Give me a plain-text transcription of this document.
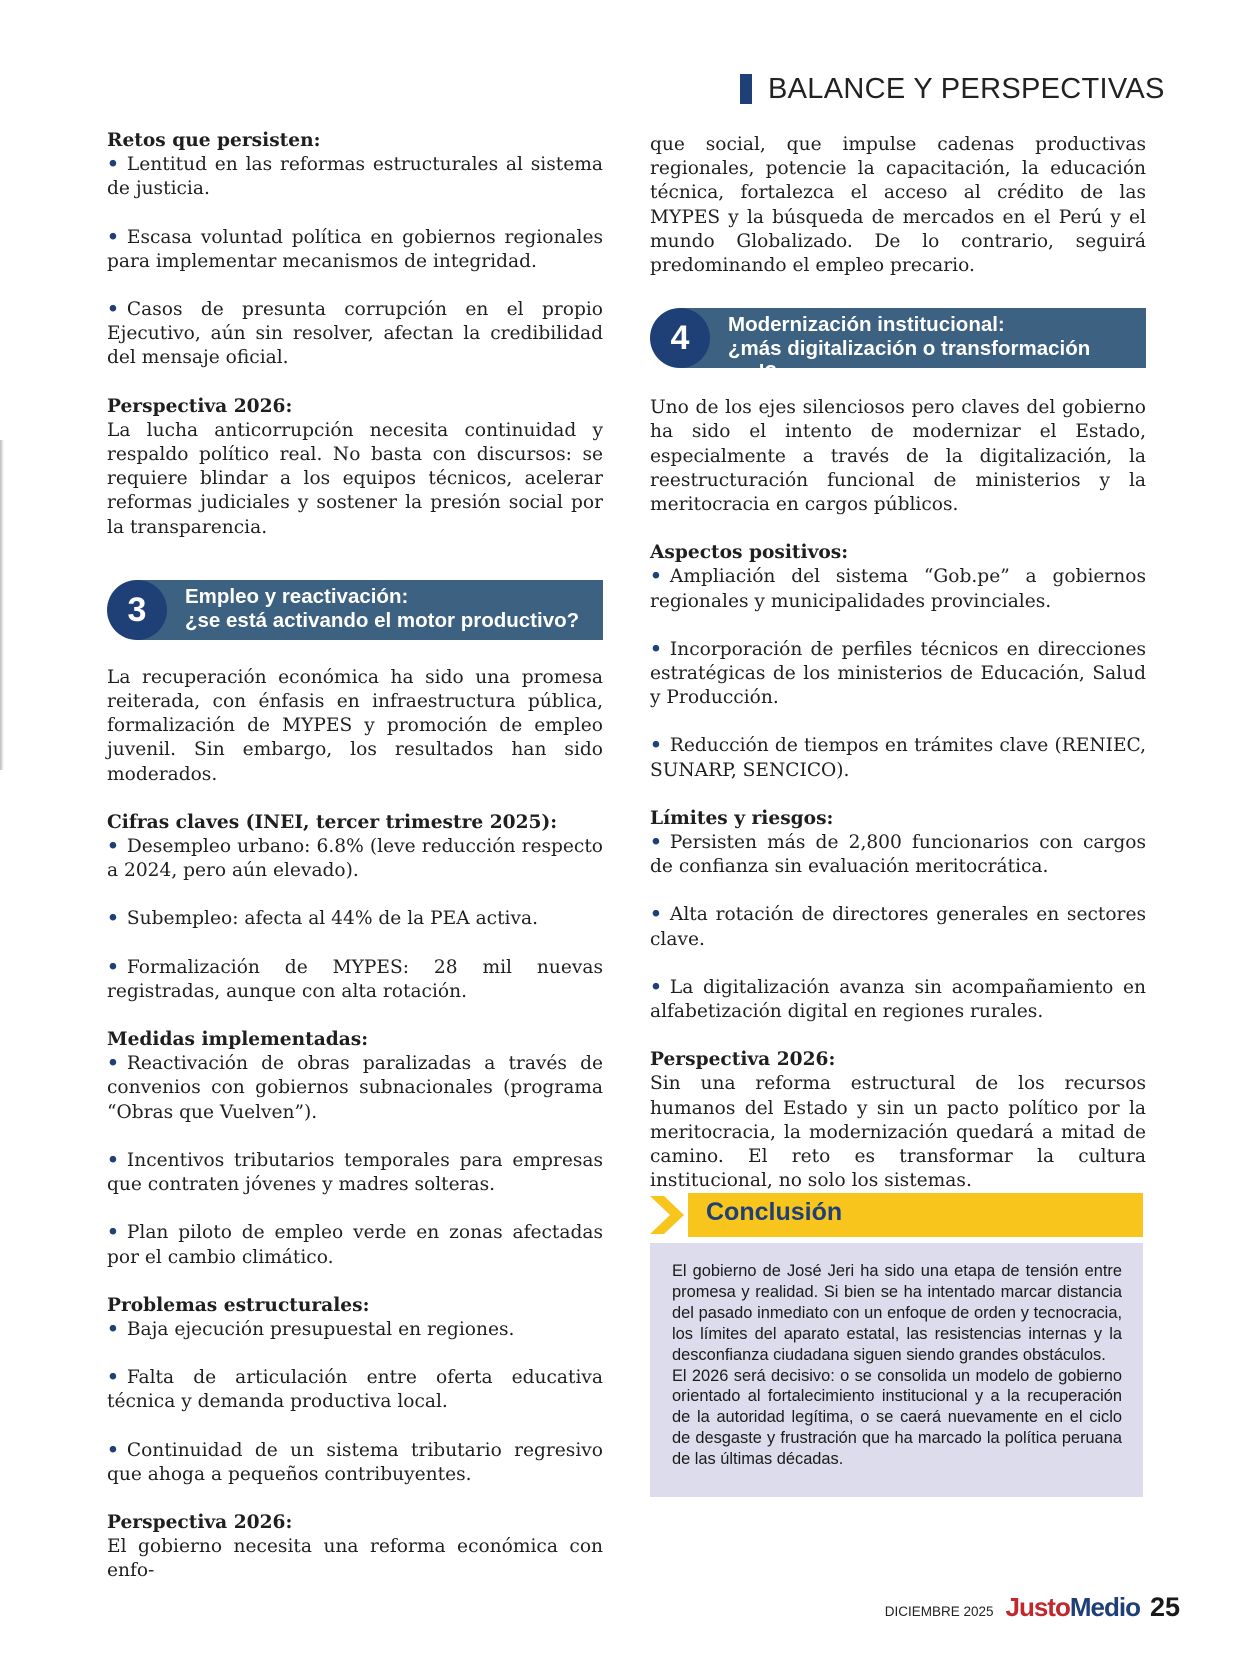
BALANCE Y PERSPECTIVAS

Retos que persisten:

• Lentitud en las reformas estructurales al sistema de justicia.

• Escasa voluntad política en gobiernos regionales para implementar mecanismos de integridad.

• Casos de presunta corrupción en el propio Ejecutivo, aún sin resolver, afectan la credibilidad del mensaje oficial.

Perspectiva 2026:

La lucha anticorrupción necesita continuidad y respaldo político real. No basta con discursos: se requiere blindar a los equipos técnicos, acelerar reformas judiciales y sostener la presión social por la transparencia.

3	Empleo y reactivación:
¿se está activando el motor productivo?

La recuperación económica ha sido una promesa reiterada, con énfasis en infraestructura pública, formalización de MYPES y promoción de empleo juvenil. Sin embargo, los resultados han sido moderados.

Cifras claves (INEI, tercer trimestre 2025):

• Desempleo urbano: 6.8% (leve reducción respecto a 2024, pero aún elevado).

• Subempleo: afecta al 44% de la PEA activa.

• Formalización de MYPES: 28 mil nuevas registradas, aunque con alta rotación.

Medidas implementadas:

• Reactivación de obras paralizadas a través de convenios con gobiernos subnacionales (programa “Obras que Vuelven”).

• Incentivos tributarios temporales para empresas que contraten jóvenes y madres solteras.

• Plan piloto de empleo verde en zonas afectadas por el cambio climático.

Problemas estructurales:

• Baja ejecución presupuestal en regiones.

• Falta de articulación entre oferta educativa técnica y demanda productiva local.

• Continuidad de un sistema tributario regresivo que ahoga a pequeños contribuyentes.

Perspectiva 2026:

El gobierno necesita una reforma económica con enfo-

que social, que impulse cadenas productivas regionales, potencie la capacitación, la educación técnica, fortalezca el acceso al crédito de las MYPES y la búsqueda de mercados en el Perú y el mundo Globalizado. De lo contrario, seguirá predominando el empleo precario.

4	Modernización institucional:
¿más digitalización o transformación real?

Uno de los ejes silenciosos pero claves del gobierno ha sido el intento de modernizar el Estado, especialmente a través de la digitalización, la reestructuración funcional de ministerios y la meritocracia en cargos públicos.

Aspectos positivos:

• Ampliación del sistema “Gob.pe” a gobiernos regionales y municipalidades provinciales.

• Incorporación de perfiles técnicos en direcciones estratégicas de los ministerios de Educación, Salud y Producción.

• Reducción de tiempos en trámites clave (RENIEC, SUNARP, SENCICO).

Límites y riesgos:

• Persisten más de 2,800 funcionarios con cargos de confianza sin evaluación meritocrática.

• Alta rotación de directores generales en sectores clave.

• La digitalización avanza sin acompañamiento en alfabetización digital en regiones rurales.

Perspectiva 2026:

Sin una reforma estructural de los recursos humanos del Estado y sin un pacto político por la meritocracia, la modernización quedará a mitad de camino. El reto es transformar la cultura institucional, no solo los sistemas.

Conclusión
El gobierno de José Jeri ha sido una etapa de tensión entre promesa y realidad. Si bien se ha intentado marcar distancia del pasado inmediato con un enfoque de orden y tecnocracia, los límites del aparato estatal, las resistencias internas y la desconfianza ciudadana siguen siendo grandes obstáculos.
El 2026 será decisivo: o se consolida un modelo de gobierno orientado al fortalecimiento institucional y a la recuperación de la autoridad legítima, o se caerá nuevamente en el ciclo de desgaste y frustración que ha marcado la política peruana de las últimas décadas.
DICIEMBRE 2025 Justo Medio 25
